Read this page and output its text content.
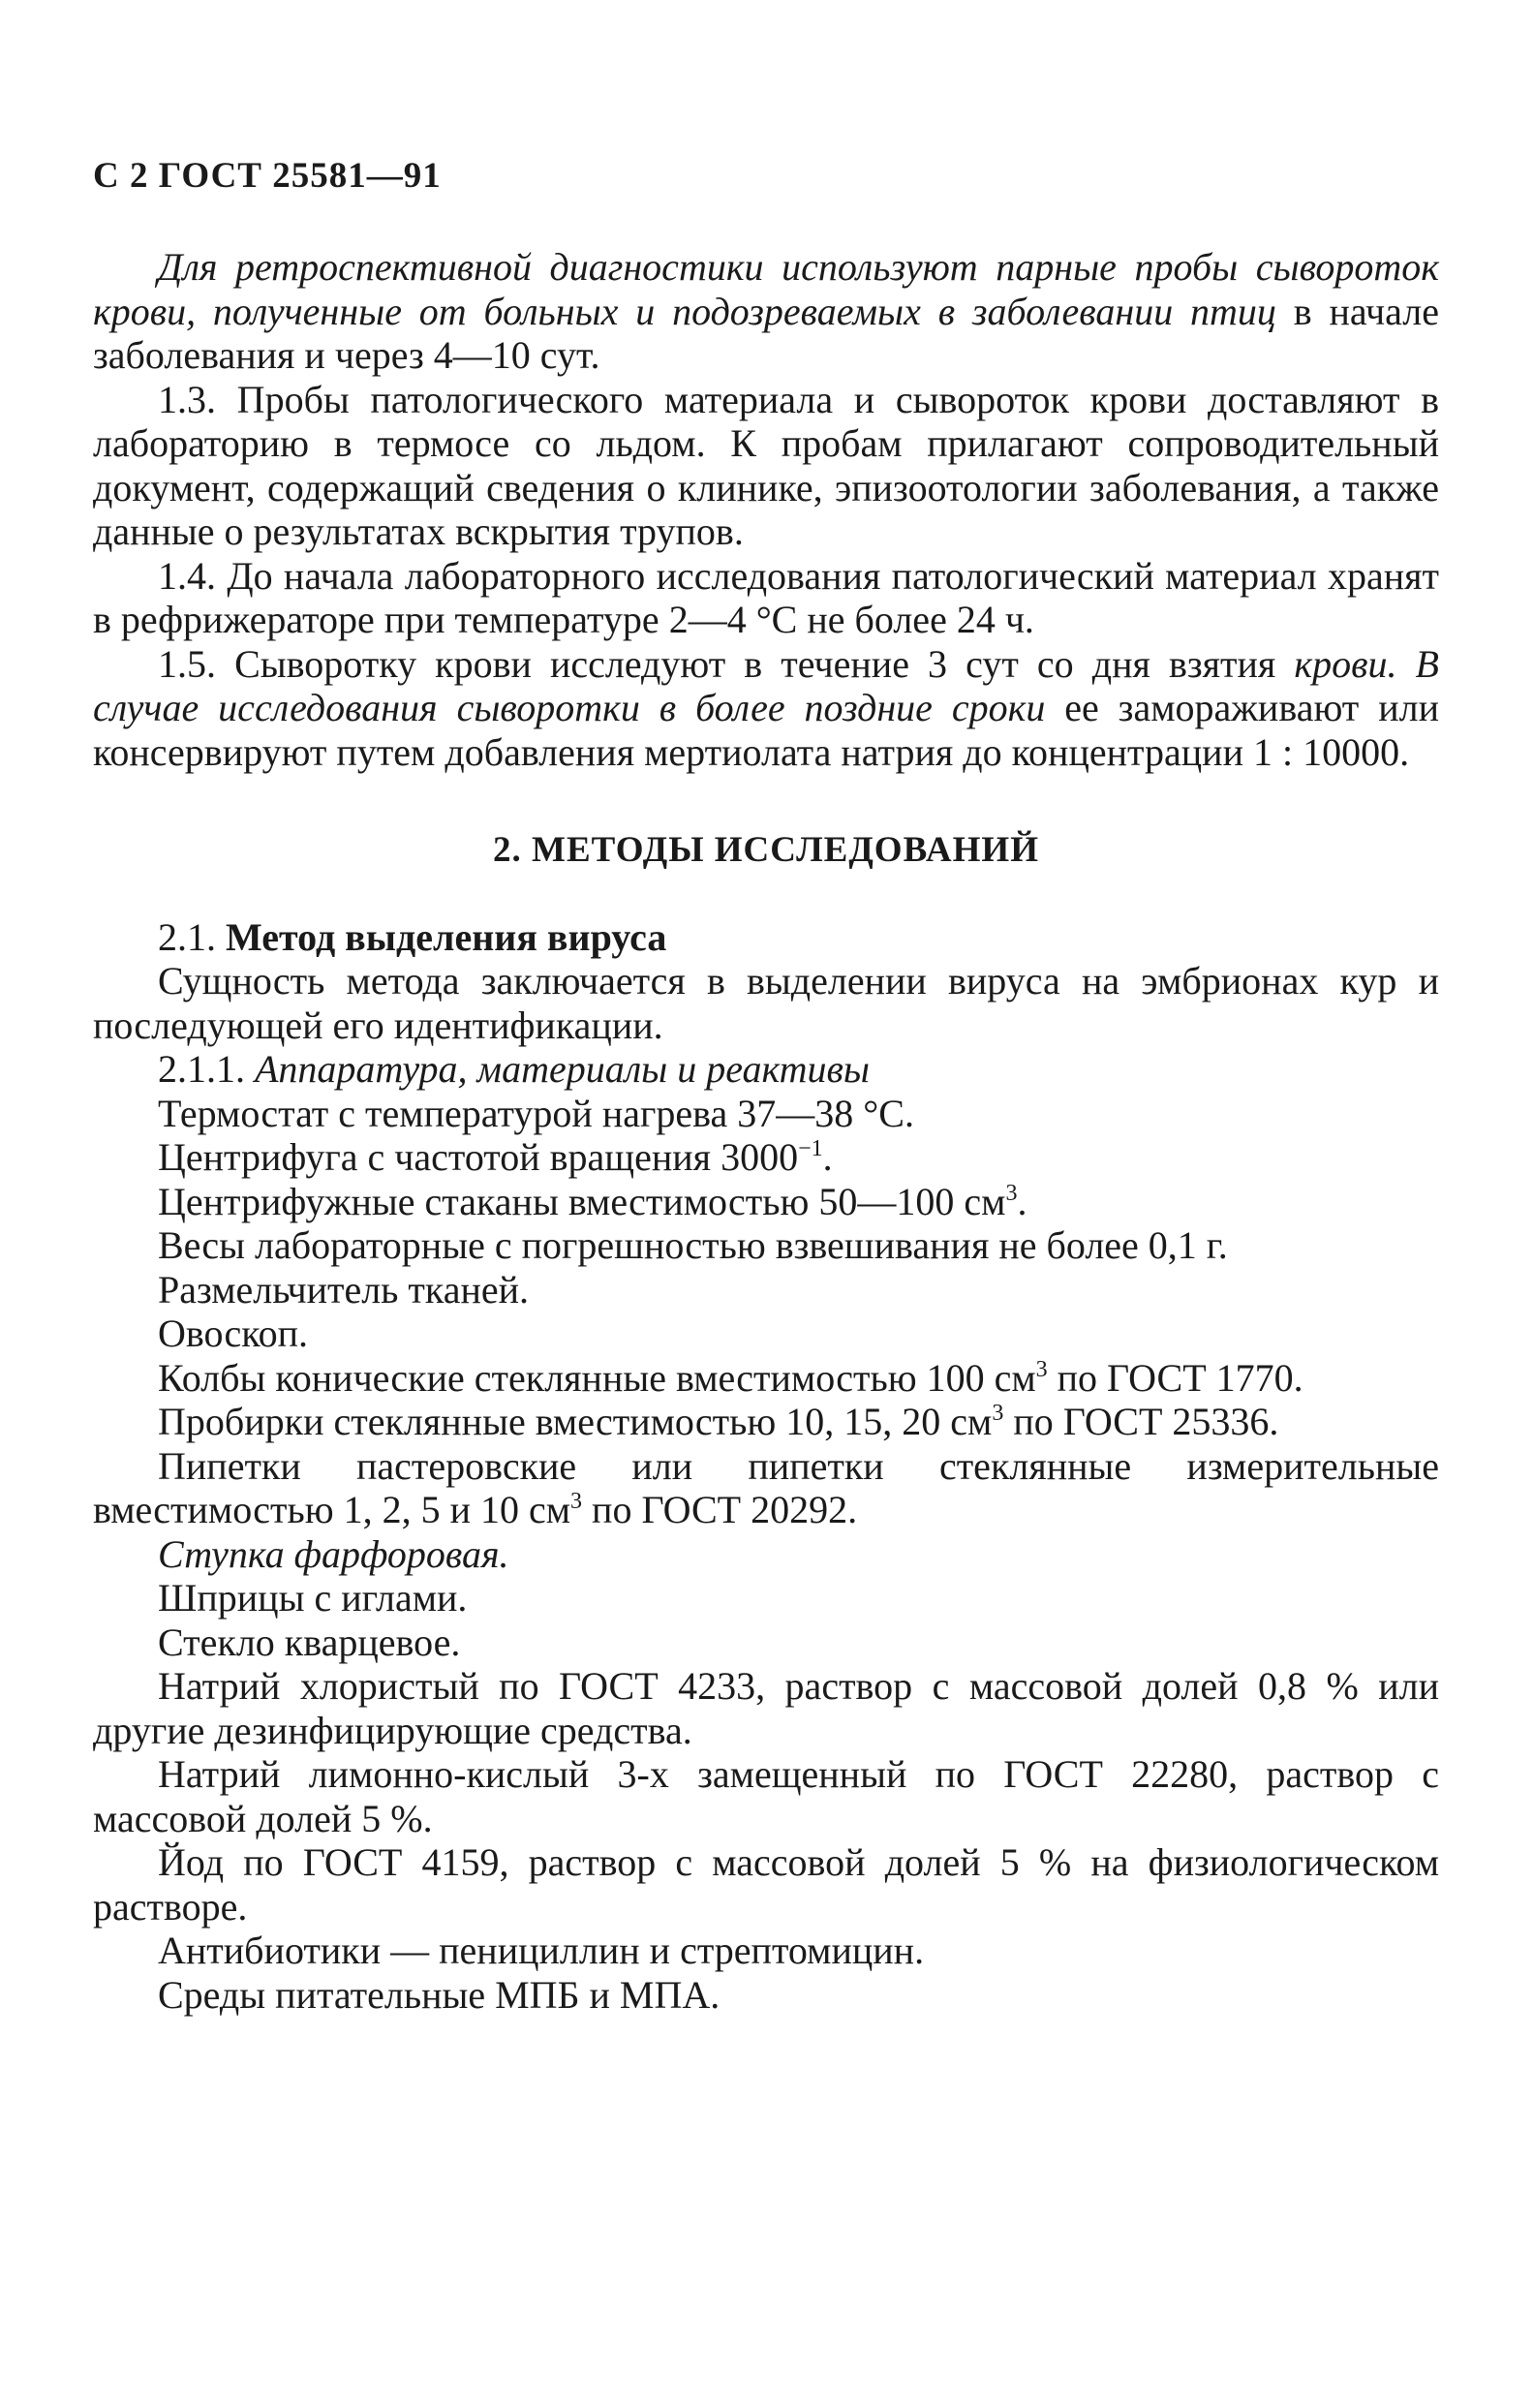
С 2 ГОСТ 25581—91

Для ретроспективной диагностики используют парные пробы сывороток крови, полученные от больных и подозреваемых в заболевании птиц в начале заболевания и через 4—10 сут.

1.3. Пробы патологического материала и сывороток крови доставляют в лабораторию в термосе со льдом. К пробам прилагают сопроводительный документ, содержащий сведения о клинике, эпизоотологии заболевания, а также данные о результатах вскрытия трупов.

1.4. До начала лабораторного исследования патологический материал хранят в рефрижераторе при температуре 2—4 °С не более 24 ч.

1.5. Сыворотку крови исследуют в течение 3 сут со дня взятия крови. В случае исследования сыворотки в более поздние сроки ее замораживают или консервируют путем добавления мертиолата натрия до концентрации 1 : 10000.

2. МЕТОДЫ ИССЛЕДОВАНИЙ

2.1. Метод выделения вируса

Сущность метода заключается в выделении вируса на эмбрионах кур и последующей его идентификации.

2.1.1. Аппаратура, материалы и реактивы

Термостат с температурой нагрева 37—38 °С.

Центрифуга с частотой вращения $3000^{-1}$.

Центрифужные стаканы вместимостью 50—100 $см^3$.

Весы лабораторные с погрешностью взвешивания не более 0,1 г.

Размельчитель тканей.

Овоскоп.

Колбы конические стеклянные вместимостью 100 $см^3$ по ГОСТ 1770.

Пробирки стеклянные вместимостью 10, 15, 20 $см^3$ по ГОСТ 25336.

Пипетки пастеровские или пипетки стеклянные измерительные вместимостью 1, 2, 5 и 10 $см^3$ по ГОСТ 20292.

Ступка фарфоровая.

Шприцы с иглами.

Стекло кварцевое.

Натрий хлористый по ГОСТ 4233, раствор с массовой долей 0,8 % или другие дезинфицирующие средства.

Натрий лимонно-кислый 3-х замещенный по ГОСТ 22280, раствор с массовой долей 5 %.

Йод по ГОСТ 4159, раствор с массовой долей 5 % на физиологическом растворе.

Антибиотики — пенициллин и стрептомицин.

Среды питательные МПБ и МПА.
